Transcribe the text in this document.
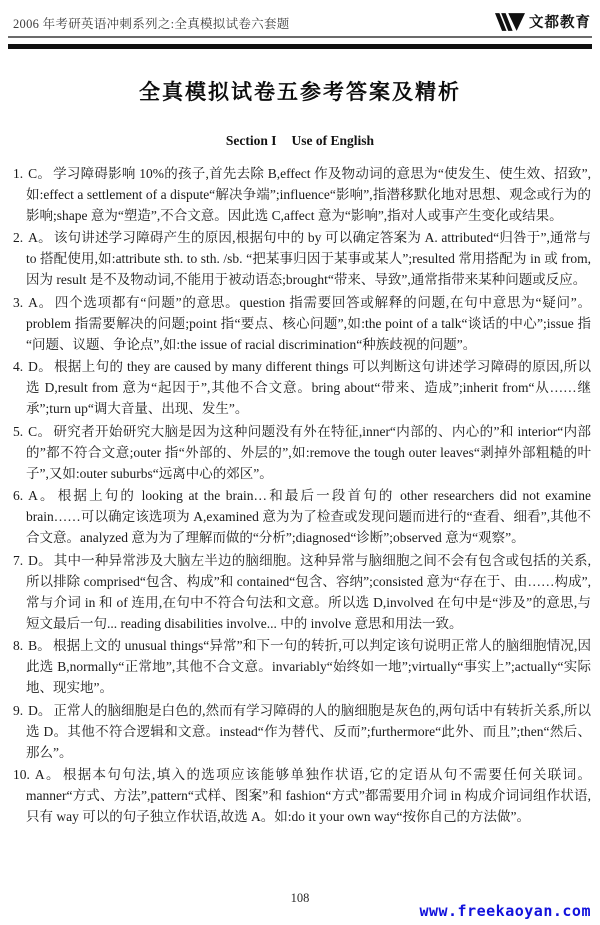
2006 年考研英语冲刺系列之:全真模拟试卷六套题	文都教育
全真模拟试卷五参考答案及精析
Section I Use of English

1. C。 学习障碍影响 10%的孩子,首先去除 B,effect 作及物动词的意思为“使发生、使生效、招致”,如:effect a settlement of a dispute“解决争端”;influence“影响”,指潜移默化地对思想、观念或行为的影响;shape 意为“塑造”,不合文意。因此选 C,affect 意为“影响”,指对人或事产生变化或结果。

2. A。 该句讲述学习障碍产生的原因,根据句中的 by 可以确定答案为 A. attributed“归咎于”,通常与 to 搭配使用,如:attribute sth. to sth. /sb. “把某事归因于某事或某人”;resulted 常用搭配为 in 或 from,因为 result 是不及物动词,不能用于被动语态;brought“带来、导致”,通常指带来某种问题或反应。

3. A。 四个选项都有“问题”的意思。question 指需要回答或解释的问题,在句中意思为“疑问”。problem 指需要解决的问题;point 指“要点、核心问题”,如:the point of a talk“谈话的中心”;issue 指“问题、议题、争论点”,如:the issue of racial discrimination“种族歧视的问题”。

4. D。 根据上句的 they are caused by many different things 可以判断这句讲述学习障碍的原因,所以选 D,result from 意为“起因于”,其他不合文意。bring about“带来、造成”;inherit from“从……继承”;turn up“调大音量、出现、发生”。

5. C。 研究者开始研究大脑是因为这种问题没有外在特征,inner“内部的、内心的”和 interior“内部的”都不符合文意;outer 指“外部的、外层的”,如:remove the tough outer leaves“剥掉外部粗糙的叶子”,又如:outer suburbs“远离中心的郊区”。

6. A。 根据上句的 looking at the brain…和最后一段首句的 other researchers did not examine brain……可以确定该选项为 A,examined 意为为了检查或发现问题而进行的“查看、细看”,其他不合文意。analyzed 意为为了理解而做的“分析”;diagnosed“诊断”;observed 意为“观察”。

7. D。 其中一种异常涉及大脑左半边的脑细胞。这种异常与脑细胞之间不会有包含或包括的关系,所以排除 comprised“包含、构成”和 contained“包含、容纳”;consisted 意为“存在于、由……构成”,常与介词 in 和 of 连用,在句中不符合句法和文意。所以选 D,involved 在句中是“涉及”的意思,与短文最后一句... reading disabilities involve... 中的 involve 意思和用法一致。

8. B。 根据上文的 unusual things“异常”和下一句的转折,可以判定该句说明正常人的脑细胞情况,因此选 B,normally“正常地”,其他不合文意。invariably“始终如一地”;virtually“事实上”;actually“实际地、现实地”。

9. D。 正常人的脑细胞是白色的,然而有学习障碍的人的脑细胞是灰色的,两句话中有转折关系,所以选 D。其他不符合逻辑和文意。instead“作为替代、反而”;furthermore“此外、而且”;then“然后、那么”。

10. A。 根据本句句法,填入的选项应该能够单独作状语,它的定语从句不需要任何关联词。manner“方式、方法”,pattern“式样、图案”和 fashion“方式”都需要用介词 in 构成介词词组作状语,只有 way 可以的句子独立作状语,故选 A。如:do it your own way“按你自己的方法做”。

108
www.freekaoyan.com
